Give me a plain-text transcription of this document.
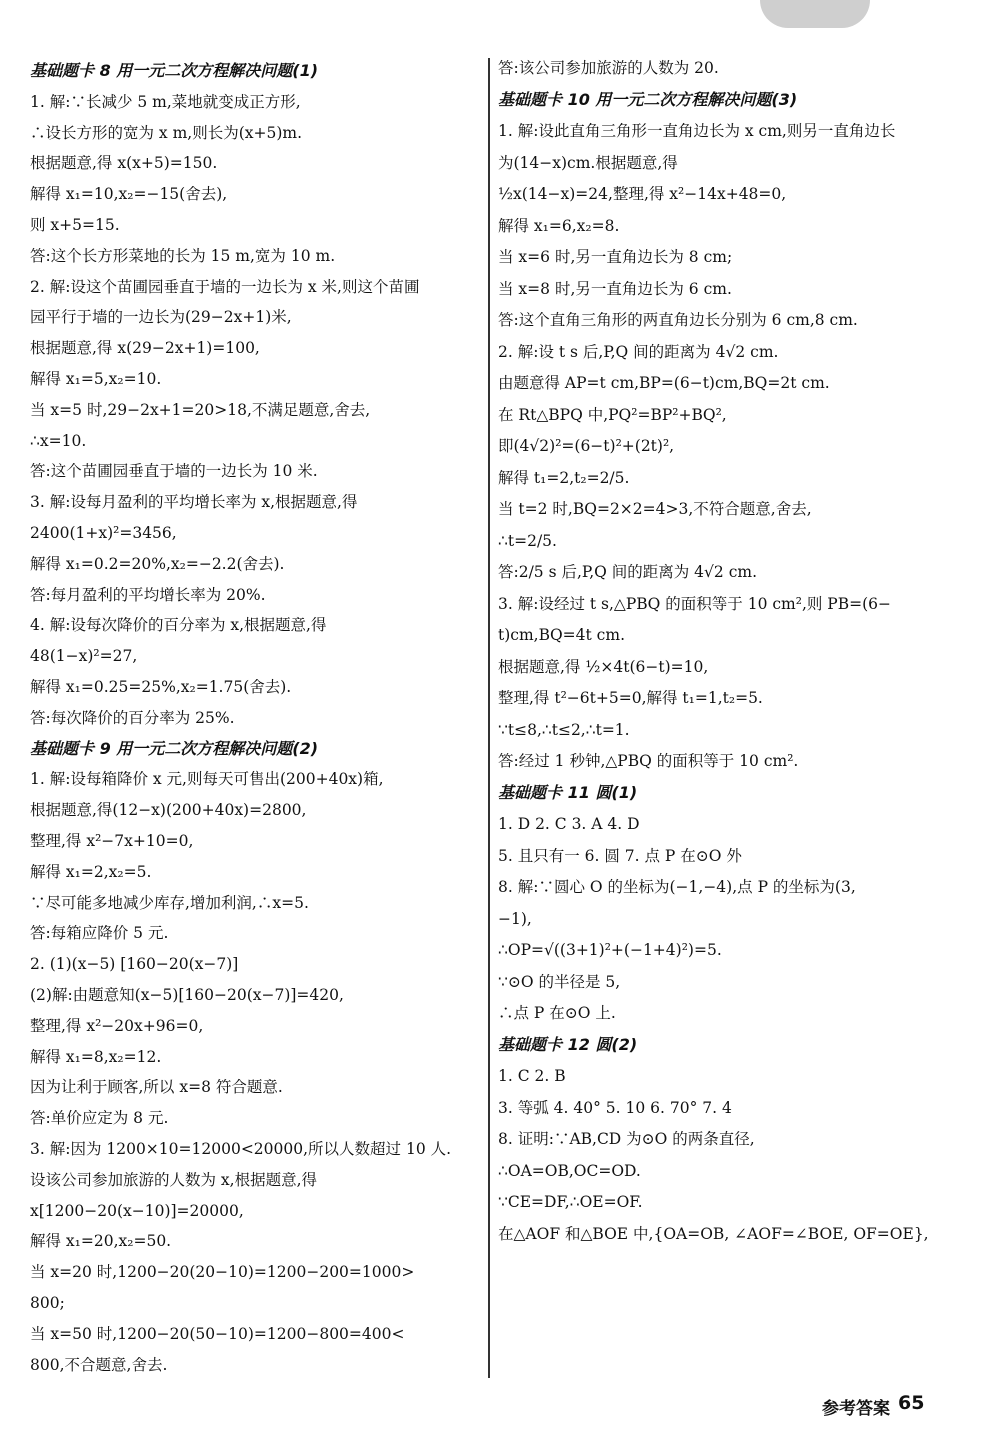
基础题卡 8 用一元二次方程解决问题(1)
1. 解:∵长减少 5 m,菜地就变成正方形,
∴设长方形的宽为 x m,则长为(x+5)m.
根据题意,得 x(x+5)=150.
解得 x₁=10,x₂=−15(舍去),
则 x+5=15.
答:这个长方形菜地的长为 15 m,宽为 10 m.
2. 解:设这个苗圃园垂直于墙的一边长为 x 米,则这个苗圃
园平行于墙的一边长为(29−2x+1)米,
根据题意,得 x(29−2x+1)=100,
解得 x₁=5,x₂=10.
当 x=5 时,29−2x+1=20>18,不满足题意,舍去,
∴x=10.
答:这个苗圃园垂直于墙的一边长为 10 米.
3. 解:设每月盈利的平均增长率为 x,根据题意,得
2400(1+x)²=3456,
解得 x₁=0.2=20%,x₂=−2.2(舍去).
答:每月盈利的平均增长率为 20%.
4. 解:设每次降价的百分率为 x,根据题意,得
48(1−x)²=27,
解得 x₁=0.25=25%,x₂=1.75(舍去).
答:每次降价的百分率为 25%.
基础题卡 9 用一元二次方程解决问题(2)
1. 解:设每箱降价 x 元,则每天可售出(200+40x)箱,
根据题意,得(12−x)(200+40x)=2800,
整理,得 x²−7x+10=0,
解得 x₁=2,x₂=5.
∵尽可能多地减少库存,增加利润,∴x=5.
答:每箱应降价 5 元.
2. (1)(x−5) [160−20(x−7)]
(2)解:由题意知(x−5)[160−20(x−7)]=420,
整理,得 x²−20x+96=0,
解得 x₁=8,x₂=12.
因为让利于顾客,所以 x=8 符合题意.
答:单价应定为 8 元.
3. 解:因为 1200×10=12000<20000,所以人数超过 10 人.
设该公司参加旅游的人数为 x,根据题意,得
x[1200−20(x−10)]=20000,
解得 x₁=20,x₂=50.
当 x=20 时,1200−20(20−10)=1200−200=1000>
800;
当 x=50 时,1200−20(50−10)=1200−800=400<
800,不合题意,舍去.
答:该公司参加旅游的人数为 20.
基础题卡 10 用一元二次方程解决问题(3)
1. 解:设此直角三角形一直角边长为 x cm,则另一直角边长
为(14−x)cm.根据题意,得
½x(14−x)=24,整理,得 x²−14x+48=0,
解得 x₁=6,x₂=8.
当 x=6 时,另一直角边长为 8 cm;
当 x=8 时,另一直角边长为 6 cm.
答:这个直角三角形的两直角边长分别为 6 cm,8 cm.
2. 解:设 t s 后,P,Q 间的距离为 4√2 cm.
由题意得 AP=t cm,BP=(6−t)cm,BQ=2t cm.
在 Rt△BPQ 中,PQ²=BP²+BQ²,
即(4√2)²=(6−t)²+(2t)²,
解得 t₁=2,t₂=2/5.
当 t=2 时,BQ=2×2=4>3,不符合题意,舍去,
∴t=2/5.
答:2/5 s 后,P,Q 间的距离为 4√2 cm.
3. 解:设经过 t s,△PBQ 的面积等于 10 cm²,则 PB=(6−
t)cm,BQ=4t cm.
根据题意,得 ½×4t(6−t)=10,
整理,得 t²−6t+5=0,解得 t₁=1,t₂=5.
∵t≤8,∴t≤2,∴t=1.
答:经过 1 秒钟,△PBQ 的面积等于 10 cm².
基础题卡 11 圆(1)
1. D 2. C 3. A 4. D
5. 且只有一 6. 圆 7. 点 P 在⊙O 外
8. 解:∵圆心 O 的坐标为(−1,−4),点 P 的坐标为(3,
−1),
∴OP=√((3+1)²+(−1+4)²)=5.
∵⊙O 的半径是 5,
∴点 P 在⊙O 上.
基础题卡 12 圆(2)
1. C 2. B
3. 等弧 4. 40° 5. 10 6. 70° 7. 4
8. 证明:∵AB,CD 为⊙O 的两条直径,
∴OA=OB,OC=OD.
∵CE=DF,∴OE=OF.
在△AOF 和△BOE 中,{OA=OB, ∠AOF=∠BOE, OF=OE},
参考答案 65
